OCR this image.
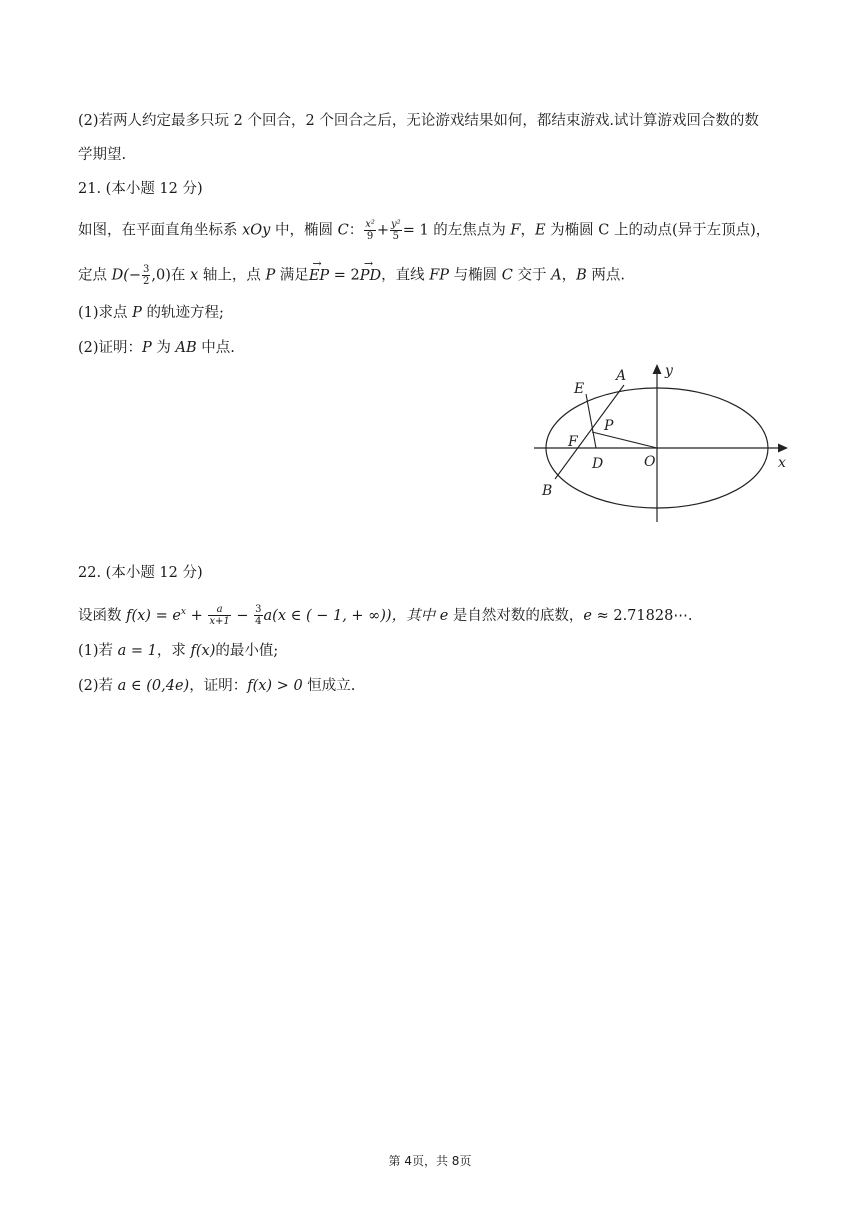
(2)若两人约定最多只玩 2 个回合，2 个回合之后，无论游戏结果如何，都结束游戏.试计算游戏回合数的数
学期望.
21. (本小题 12 分)
如图，在平面直角坐标系 xOy 中，椭圆 C： $\frac{\text{x²}}{9} + \frac{\text{y²}}{5} = 1$ 的左焦点为 F，E 为椭圆 C 上的动点(异于左顶点)，
定点 $D(- \frac{3}{2} ,0)$在 x 轴上，点 P 满足→ EP = 2→ PD，直线 FP 与椭圆 C 交于 A，B 两点.
(1)求点 P 的轨迹方程;
(2)证明：P 为 AB 中点.
E
A	y
P
F
D	O	x
B
22. (本小题 12 分)
设函数 $f(x) = e^x + \frac{a}{x+1} - \frac{3}{4} a(x$ ∈ ( − 1, + ∞))，其中 e 是自然对数的底数，e ≈ 2.71828⋯.
(1)若 a = 1，求 f(x)的最小值;
(2)若 a ∈ (0,4e)，证明：f(x) > 0 恒成立.
第 4页，共 8页
